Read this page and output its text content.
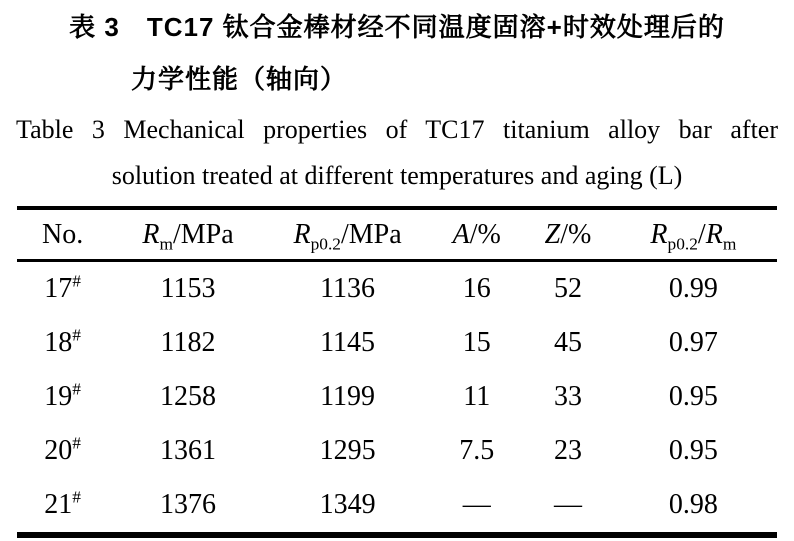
表 3　TC17 钛合金棒材经不同温度固溶+时效处理后的
力学性能（轴向）
Table 3 Mechanical properties of TC17 titanium alloy bar after
solution treated at different temperatures and aging (L)
No.	$R_m$/MPa	$R_{p0.2}$/MPa	A/%	Z/%	$R_{p0.2}/R_m$
17#	1153	1136	16	52	0.99
18#	1182	1145	15	45	0.97
19#	1258	1199	11	33	0.95
20#	1361	1295	7.5	23	0.95
21#	1376	1349	—	—	0.98
